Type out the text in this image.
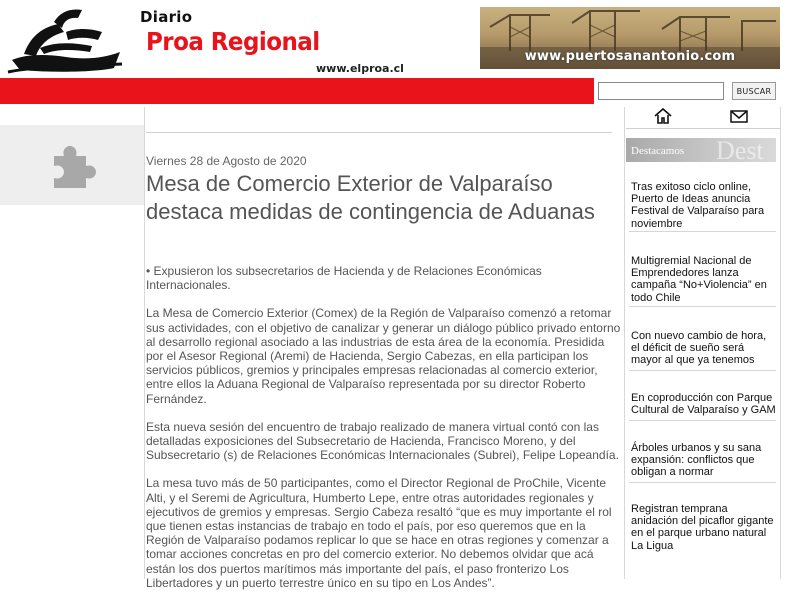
Diario
Proa Regional
www.elproa.cl
www.puertosanantonio.com
BUSCAR
Viernes 28 de Agosto de 2020
Mesa de Comercio Exterior de Valparaíso destaca medidas de contingencia de Aduanas

• Expusieron los subsecretarios de Hacienda y de Relaciones Económicas Internacionales.

La Mesa de Comercio Exterior (Comex) de la Región de Valparaíso comenzó a retomar sus actividades, con el objetivo de canalizar y generar un diálogo público privado entorno al desarrollo regional asociado a las industrias de esta área de la economía. Presidida por el Asesor Regional (Aremi) de Hacienda, Sergio Cabezas, en ella participan los servicios públicos, gremios y principales empresas relacionadas al comercio exterior, entre ellos la Aduana Regional de Valparaíso representada por su director Roberto Fernández.

Esta nueva sesión del encuentro de trabajo realizado de manera virtual contó con las detalladas exposiciones del Subsecretario de Hacienda, Francisco Moreno, y del Subsecretario (s) de Relaciones Económicas Internacionales (Subrei), Felipe Lopeandía.

La mesa tuvo más de 50 participantes, como el Director Regional de ProChile, Vicente Alti, y el Seremi de Agricultura, Humberto Lepe, entre otras autoridades regionales y ejecutivos de gremios y empresas. Sergio Cabeza resaltó “que es muy importante el rol que tienen estas instancias de trabajo en todo el país, por eso queremos que en la Región de Valparaíso podamos replicar lo que se hace en otras regiones y comenzar a tomar acciones concretas en pro del comercio exterior. No debemos olvidar que acá están los dos puertos marítimos más importante del país, el paso fronterizo Los Libertadores y un puerto terrestre único en su tipo en Los Andes”.

Destacamos Dest
Tras exitoso ciclo online, Puerto de Ideas anuncia Festival de Valparaíso para noviembre
Multigremial Nacional de Emprendedores lanza campaña “No+Violencia” en todo Chile
Con nuevo cambio de hora, el déficit de sueño será mayor al que ya tenemos
En coproducción con Parque Cultural de Valparaíso y GAM
Árboles urbanos y su sana expansión: conflictos que obligan a normar
Registran temprana anidación del picaflor gigante en el parque urbano natural La Ligua
